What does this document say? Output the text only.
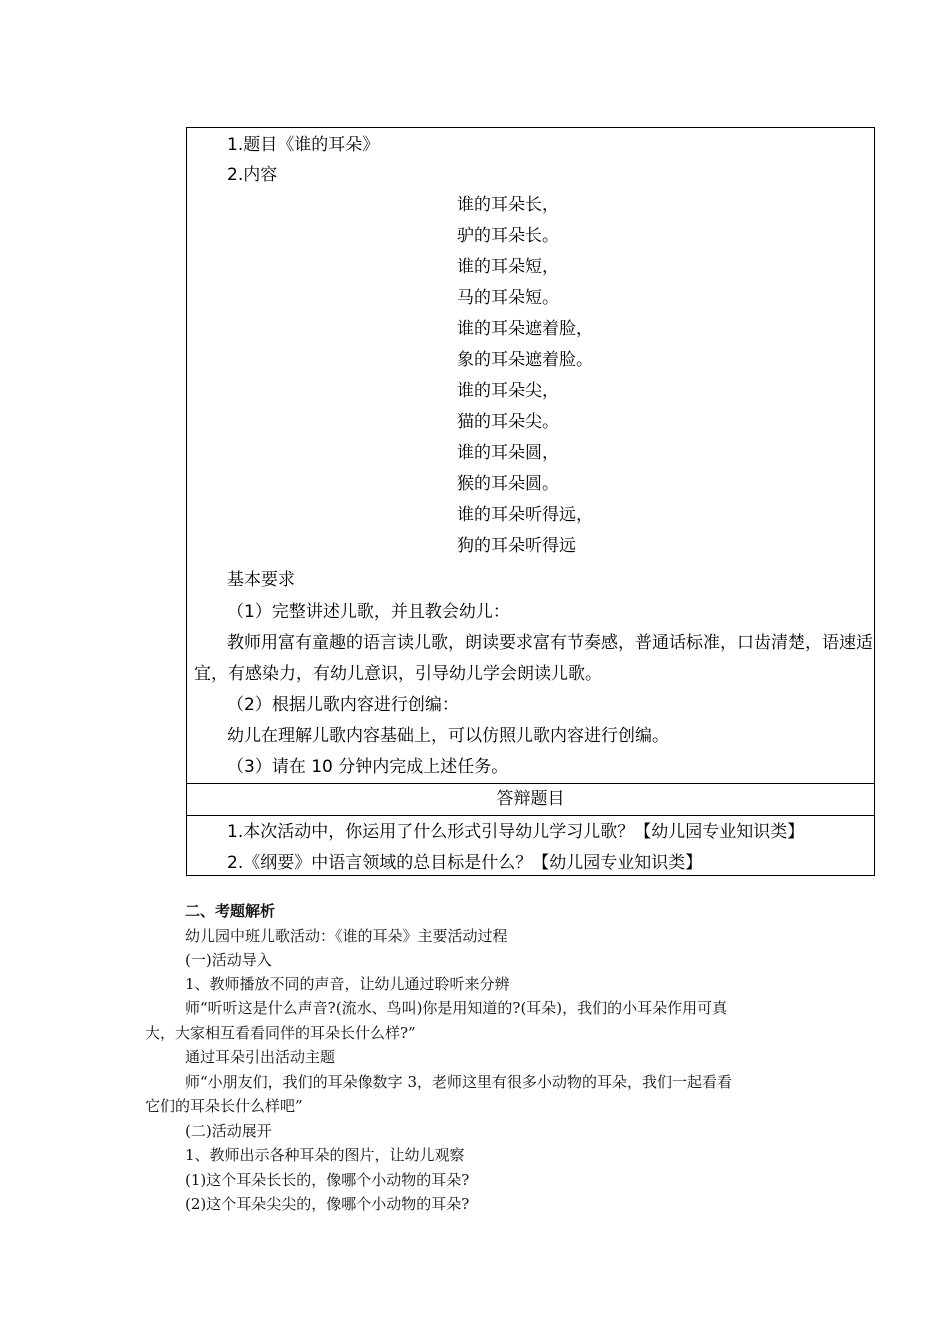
1.题目《谁的耳朵》
2.内容
谁的耳朵长，
驴的耳朵长。
谁的耳朵短，
马的耳朵短。
谁的耳朵遮着脸，
象的耳朵遮着脸。
谁的耳朵尖，
猫的耳朵尖。
谁的耳朵圆，
猴的耳朵圆。
谁的耳朵听得远，
狗的耳朵听得远
基本要求
（1）完整讲述儿歌，并且教会幼儿：
教师用富有童趣的语言读儿歌，朗读要求富有节奏感，普通话标准，口齿清楚，语速适
宜，有感染力，有幼儿意识，引导幼儿学会朗读儿歌。
（2）根据儿歌内容进行创编：
幼儿在理解儿歌内容基础上，可以仿照儿歌内容进行创编。
（3）请在 10 分钟内完成上述任务。
答辩题目
1.本次活动中，你运用了什么形式引导幼儿学习儿歌？【幼儿园专业知识类】
2.《纲要》中语言领域的总目标是什么？【幼儿园专业知识类】
二、考题解析
幼儿园中班儿歌活动：《谁的耳朵》主要活动过程
(一)活动导入
1、教师播放不同的声音，让幼儿通过聆听来分辨
师“听听这是什么声音?(流水、鸟叫)你是用知道的?(耳朵)，我们的小耳朵作用可真
大，大家相互看看同伴的耳朵长什么样?”
通过耳朵引出活动主题
师“小朋友们，我们的耳朵像数字 3，老师这里有很多小动物的耳朵，我们一起看看
它们的耳朵长什么样吧”
(二)活动展开
1、教师出示各种耳朵的图片，让幼儿观察
(1)这个耳朵长长的，像哪个小动物的耳朵?
(2)这个耳朵尖尖的，像哪个小动物的耳朵?
